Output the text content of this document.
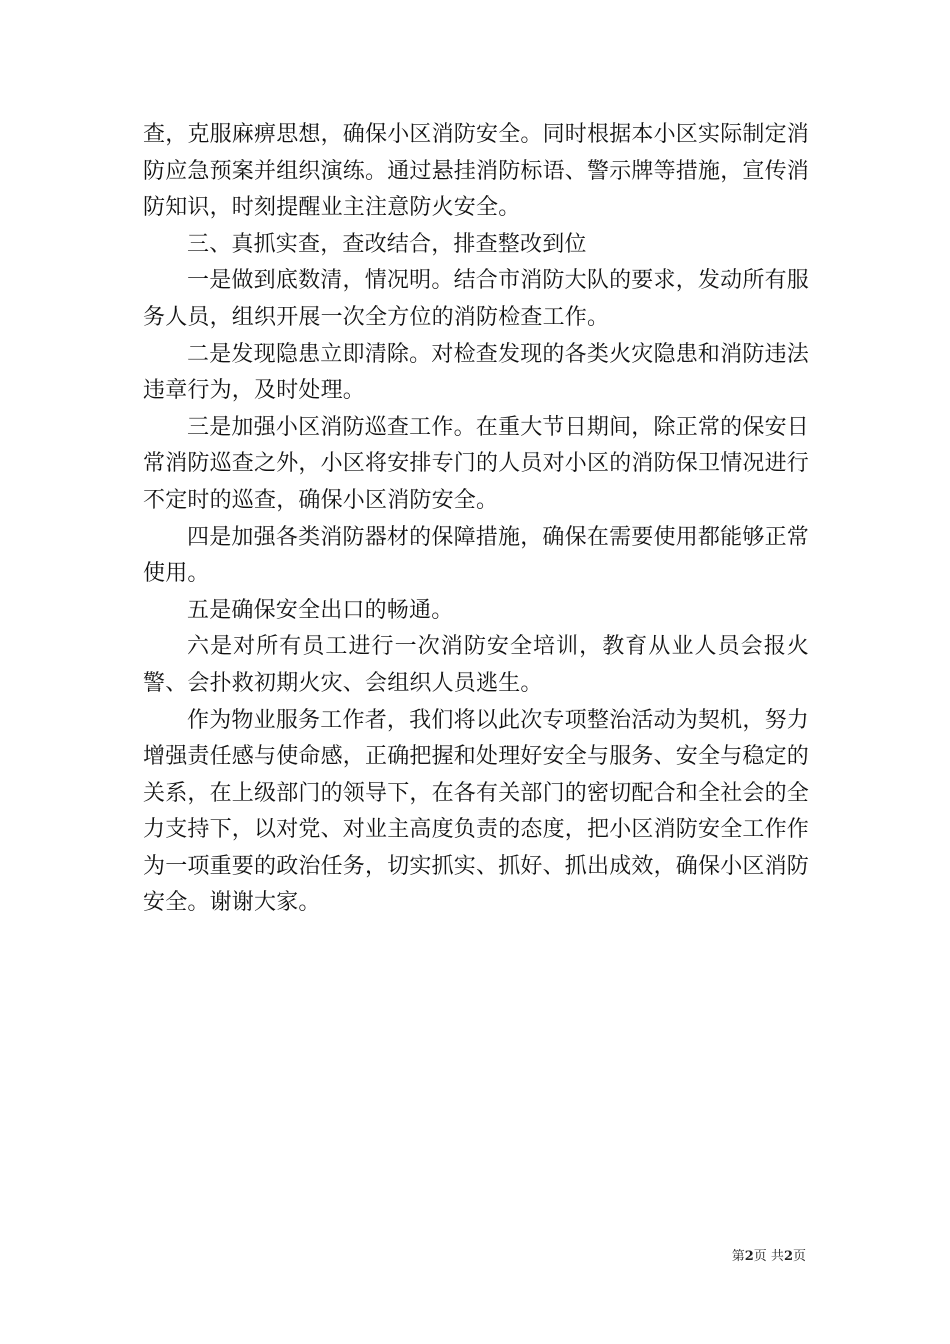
查，克服麻痹思想，确保小区消防安全。同时根据本小区实际制定消防应急预案并组织演练。通过悬挂消防标语、警示牌等措施，宣传消防知识，时刻提醒业主注意防火安全。

三、真抓实查，查改结合，排查整改到位

一是做到底数清，情况明。结合市消防大队的要求，发动所有服务人员，组织开展一次全方位的消防检查工作。

二是发现隐患立即清除。对检查发现的各类火灾隐患和消防违法违章行为，及时处理。

三是加强小区消防巡查工作。在重大节日期间，除正常的保安日常消防巡查之外，小区将安排专门的人员对小区的消防保卫情况进行不定时的巡查，确保小区消防安全。

四是加强各类消防器材的保障措施，确保在需要使用都能够正常使用。

五是确保安全出口的畅通。

六是对所有员工进行一次消防安全培训，教育从业人员会报火警、会扑救初期火灾、会组织人员逃生。

作为物业服务工作者，我们将以此次专项整治活动为契机，努力增强责任感与使命感，正确把握和处理好安全与服务、安全与稳定的关系，在上级部门的领导下，在各有关部门的密切配合和全社会的全力支持下，以对党、对业主高度负责的态度，把小区消防安全工作作为一项重要的政治任务，切实抓实、抓好、抓出成效，确保小区消防安全。谢谢大家。

第2页 共2页
